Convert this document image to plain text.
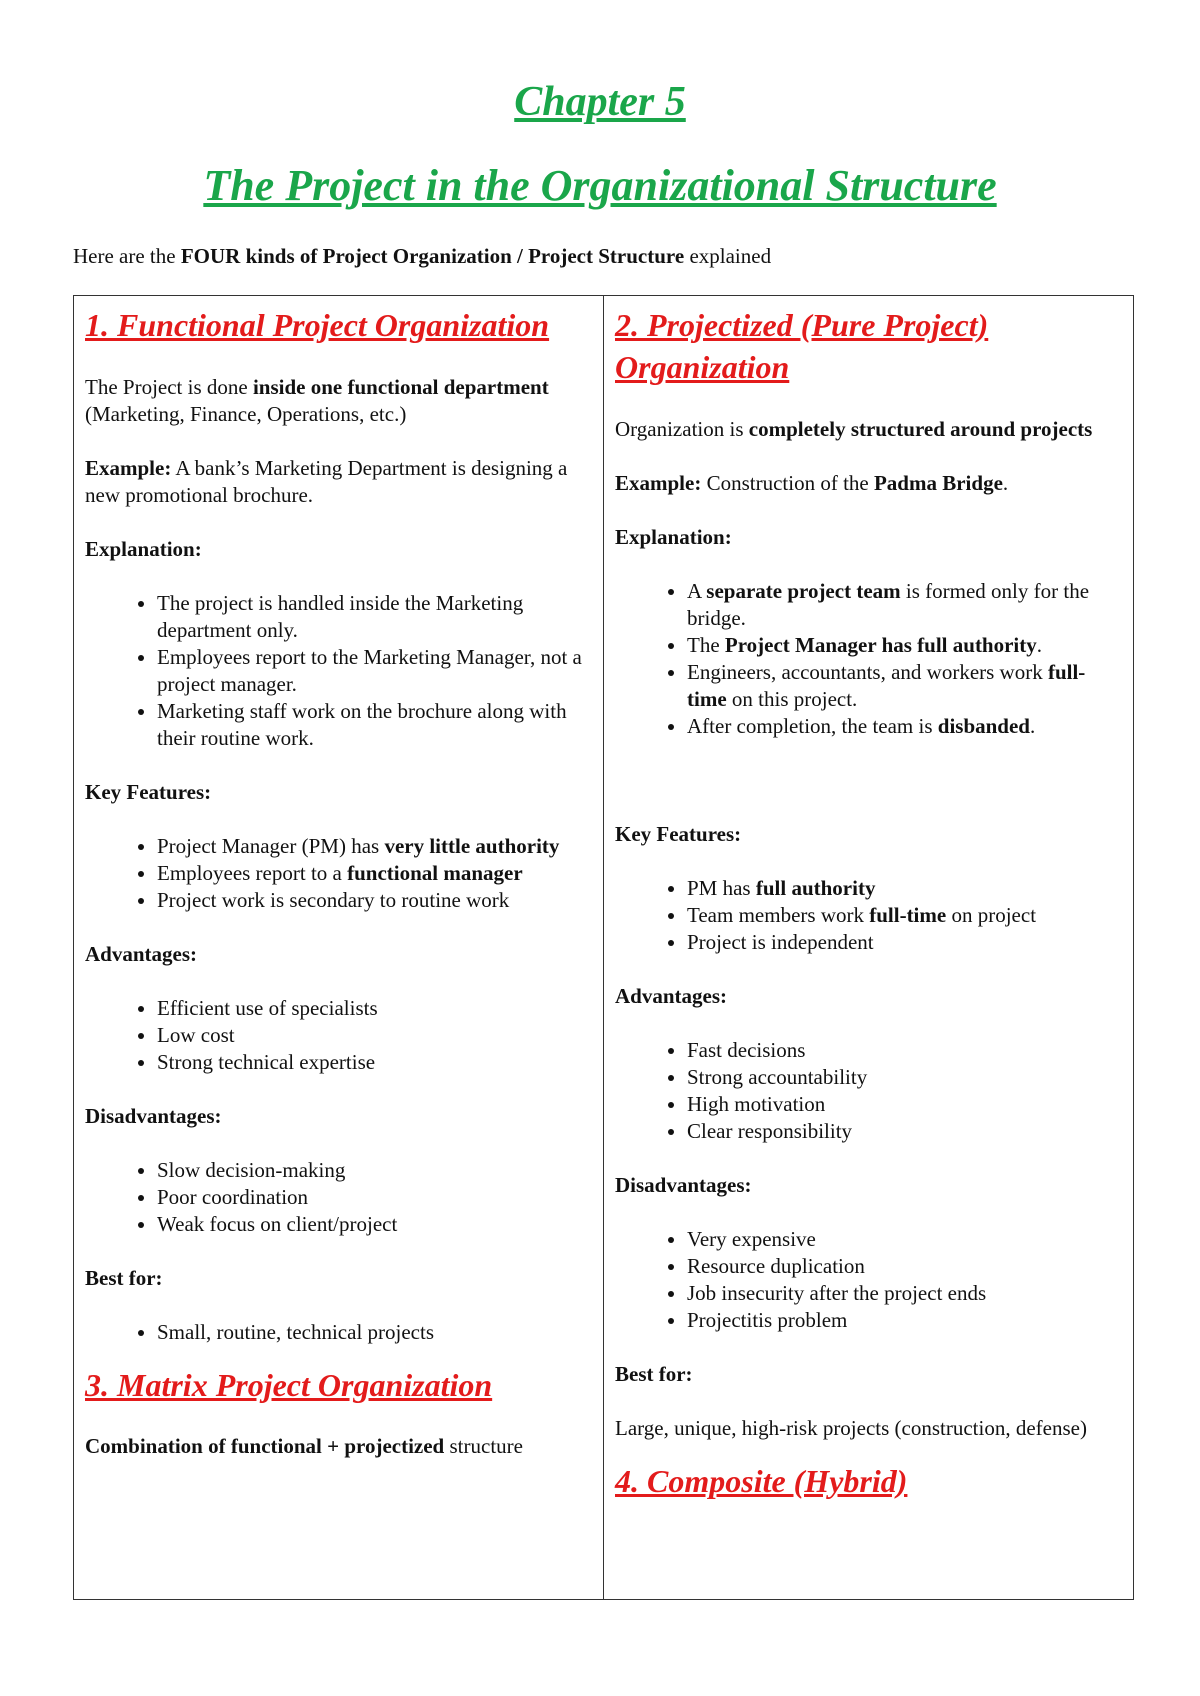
Chapter 5
The Project in the Organizational Structure

Here are the FOUR kinds of Project Organization / Project Structure explained

1. Functional Project Organization

The Project is done inside one functional department (Marketing, Finance, Operations, etc.)

Example: A bank’s Marketing Department is designing a new promotional brochure.

Explanation:

• The project is handled inside the Marketing department only.
• Employees report to the Marketing Manager, not a project manager.
• Marketing staff work on the brochure along with their routine work.

Key Features:

• Project Manager (PM) has very little authority
• Employees report to a functional manager
• Project work is secondary to routine work

Advantages:

• Efficient use of specialists
• Low cost
• Strong technical expertise

Disadvantages:

• Slow decision-making
• Poor coordination
• Weak focus on client/project

Best for:

• Small, routine, technical projects
3. Matrix Project Organization

Combination of functional + projectized structure

2. Projectized (Pure Project) Organization

Organization is completely structured around projects

Example: Construction of the Padma Bridge.

Explanation:

• A separate project team is formed only for the bridge.
• The Project Manager has full authority.
• Engineers, accountants, and workers work full-time on this project.
• After completion, the team is disbanded.

Key Features:

• PM has full authority
• Team members work full-time on project
• Project is independent

Advantages:

• Fast decisions
• Strong accountability
• High motivation
• Clear responsibility

Disadvantages:

• Very expensive
• Resource duplication
• Job insecurity after the project ends
• Projectitis problem

Best for:

Large, unique, high-risk projects (construction, defense)

4. Composite (Hybrid)
